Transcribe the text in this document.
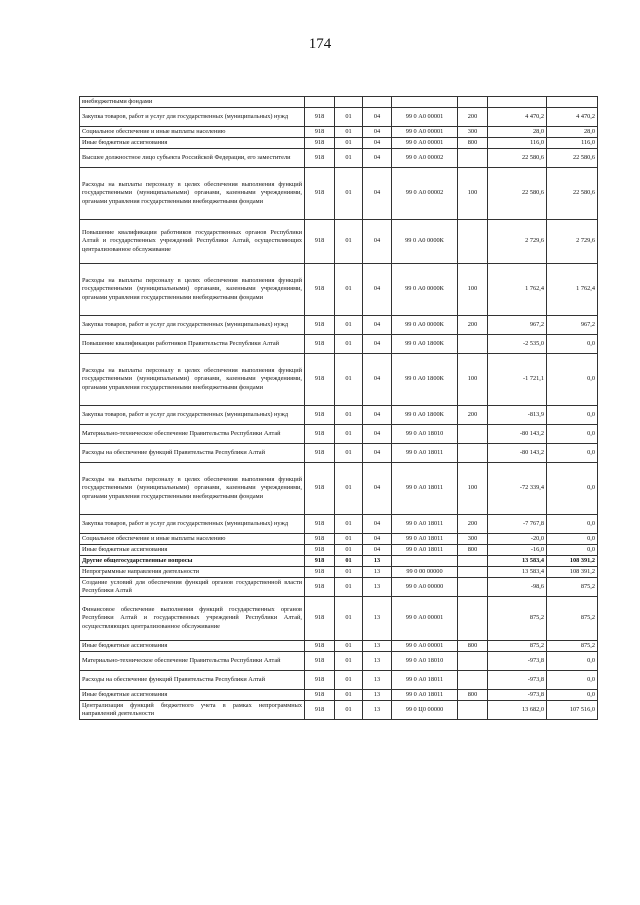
174
внебюджетными фондами							
Закупка товаров, работ и услуг для государственных (муниципальных) нужд	918	01	04	99 0 А0 00001	200	4 470,2	4 470,2
Социальное обеспечение и иные выплаты населению	918	01	04	99 0 А0 00001	300	28,0	28,0
Иные бюджетные ассигнования	918	01	04	99 0 А0 00001	800	116,0	116,0
Высшее должностное лицо субъекта Российской Федерации, его заместители	918	01	04	99 0 А0 00002		22 580,6	22 580,6
Расходы на выплаты персоналу в целях обеспечения выполнения функций государственными (муниципальными) органами, казенными учреждениями, органами управления государственными внебюджетными фондами	918	01	04	99 0 А0 00002	100	22 580,6	22 580,6
Повышение квалификации работников государственных органов Республики Алтай и государственных учреждений Республики Алтай, осуществляющих централизованное обслуживание	918	01	04	99 0 А0 0000К		2 729,6	2 729,6
Расходы на выплаты персоналу в целях обеспечения выполнения функций государственными (муниципальными) органами, казенными учреждениями, органами управления государственными внебюджетными фондами	918	01	04	99 0 А0 0000К	100	1 762,4	1 762,4
Закупка товаров, работ и услуг для государственных (муниципальных) нужд	918	01	04	99 0 А0 0000К	200	967,2	967,2
Повышение квалификации работников Правительства Республики Алтай	918	01	04	99 0 А0 1800К		-2 535,0	0,0
Расходы на выплаты персоналу в целях обеспечения выполнения функций государственными (муниципальными) органами, казенными учреждениями, органами управления государственными внебюджетными фондами	918	01	04	99 0 А0 1800К	100	-1 721,1	0,0
Закупка товаров, работ и услуг для государственных (муниципальных) нужд	918	01	04	99 0 А0 1800К	200	-813,9	0,0
Материально-техническое обеспечение Правительства Республики Алтай	918	01	04	99 0 А0 18010		-80 143,2	0,0
Расходы на обеспечение функций Правительства Республики Алтай	918	01	04	99 0 А0 18011		-80 143,2	0,0
Расходы на выплаты персоналу в целях обеспечения выполнения функций государственными (муниципальными) органами, казенными учреждениями, органами управления государственными внебюджетными фондами	918	01	04	99 0 А0 18011	100	-72 339,4	0,0
Закупка товаров, работ и услуг для государственных (муниципальных) нужд	918	01	04	99 0 А0 18011	200	-7 767,8	0,0
Социальное обеспечение и иные выплаты населению	918	01	04	99 0 А0 18011	300	-20,0	0,0
Иные бюджетные ассигнования	918	01	04	99 0 А0 18011	800	-16,0	0,0
Другие общегосударственные вопросы	918	01	13			13 583,4	108 391,2
Непрограммные направления деятельности	918	01	13	99 0 00 00000		13 583,4	108 391,2
Создание условий для обеспечения функций органов государственной власти Республики Алтай	918	01	13	99 0 А0 00000		-98,6	875,2
Финансовое обеспечение выполнения функций государственных органов Республики Алтай и государственных учреждений Республики Алтай, осуществляющих централизованное обслуживание	918	01	13	99 0 А0 00001		875,2	875,2
Иные бюджетные ассигнования	918	01	13	99 0 А0 00001	800	875,2	875,2
Материально-техническое обеспечение Правительства Республики Алтай	918	01	13	99 0 А0 18010		-973,8	0,0
Расходы на обеспечение функций Правительства Республики Алтай	918	01	13	99 0 А0 18011		-973,8	0,0
Иные бюджетные ассигнования	918	01	13	99 0 А0 18011	800	-973,8	0,0
Централизация функций бюджетного учета в рамках непрограммных направлений деятельности	918	01	13	99 0 Ц0 00000		13 682,0	107 516,0
